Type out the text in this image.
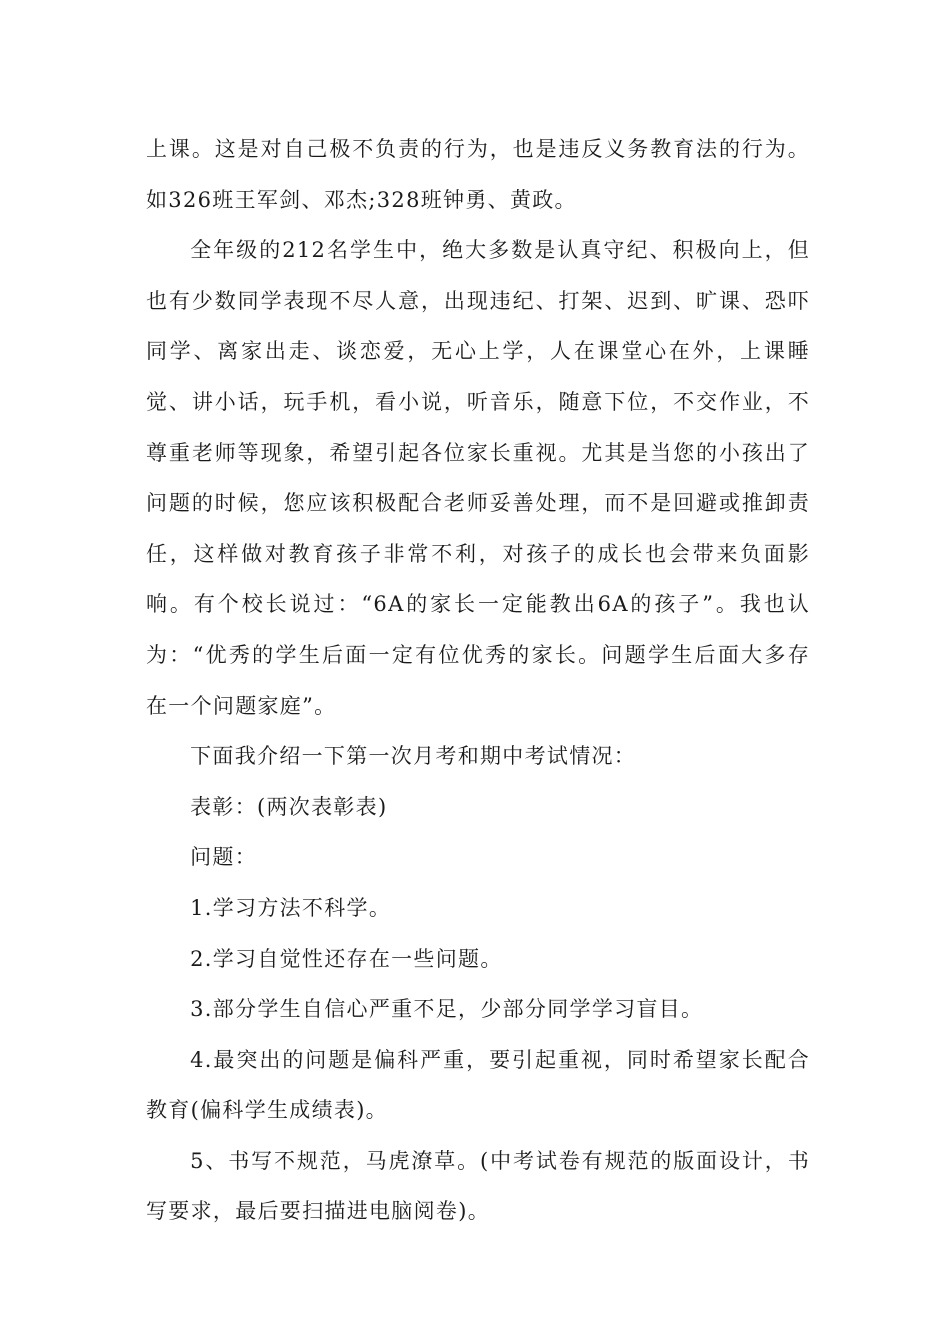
上课。这是对自己极不负责的行为，也是违反义务教育法的行为。
如326班王军剑、邓杰;328班钟勇、黄政。

全年级的212名学生中，绝大多数是认真守纪、积极向上，但
也有少数同学表现不尽人意，出现违纪、打架、迟到、旷课、恐吓
同学、离家出走、谈恋爱，无心上学，人在课堂心在外，上课睡
觉、讲小话，玩手机，看小说，听音乐，随意下位，不交作业，不
尊重老师等现象，希望引起各位家长重视。尤其是当您的小孩出了
问题的时候，您应该积极配合老师妥善处理，而不是回避或推卸责
任，这样做对教育孩子非常不利，对孩子的成长也会带来负面影
响。有个校长说过：“6A的家长一定能教出6A的孩子”。我也认
为：“优秀的学生后面一定有位优秀的家长。问题学生后面大多存
在一个问题家庭”。

下面我介绍一下第一次月考和期中考试情况：

表彰：(两次表彰表)

问题：

1.学习方法不科学。

2.学习自觉性还存在一些问题。

3.部分学生自信心严重不足，少部分同学学习盲目。

4.最突出的问题是偏科严重，要引起重视，同时希望家长配合
教育(偏科学生成绩表)。

5、书写不规范，马虎潦草。(中考试卷有规范的版面设计，书
写要求，最后要扫描进电脑阅卷)。
